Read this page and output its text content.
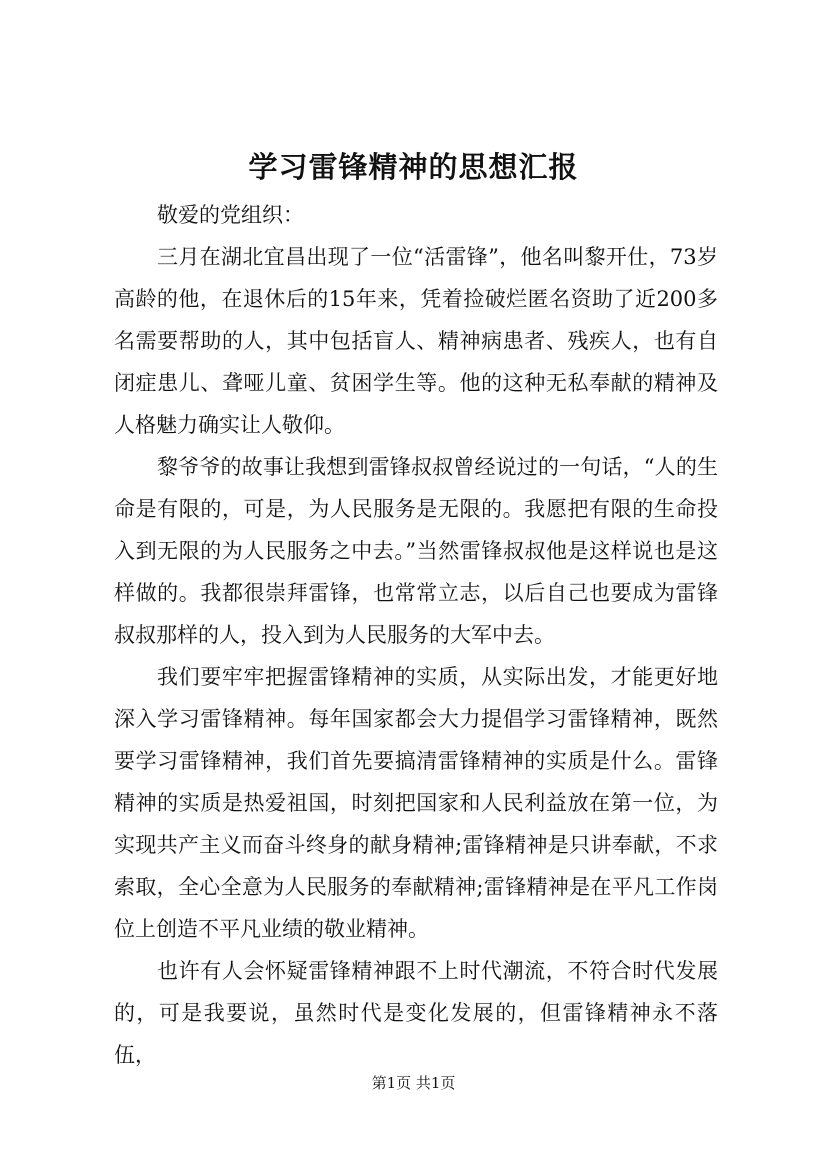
学习雷锋精神的思想汇报

敬爱的党组织：

三月在湖北宜昌出现了一位“活雷锋”，他名叫黎开仕，73岁高龄的他，在退休后的15年来，凭着捡破烂匿名资助了近200多名需要帮助的人，其中包括盲人、精神病患者、残疾人，也有自闭症患儿、聋哑儿童、贫困学生等。他的这种无私奉献的精神及人格魅力确实让人敬仰。

黎爷爷的故事让我想到雷锋叔叔曾经说过的一句话，“人的生命是有限的，可是，为人民服务是无限的。我愿把有限的生命投入到无限的为人民服务之中去。”当然雷锋叔叔他是这样说也是这样做的。我都很崇拜雷锋，也常常立志，以后自己也要成为雷锋叔叔那样的人，投入到为人民服务的大军中去。

我们要牢牢把握雷锋精神的实质，从实际出发，才能更好地深入学习雷锋精神。每年国家都会大力提倡学习雷锋精神，既然要学习雷锋精神，我们首先要搞清雷锋精神的实质是什么。雷锋精神的实质是热爱祖国，时刻把国家和人民利益放在第一位，为实现共产主义而奋斗终身的献身精神;雷锋精神是只讲奉献，不求索取，全心全意为人民服务的奉献精神;雷锋精神是在平凡工作岗位上创造不平凡业绩的敬业精神。

也许有人会怀疑雷锋精神跟不上时代潮流，不符合时代发展的，可是我要说，虽然时代是变化发展的，但雷锋精神永不落伍，

第1页 共1页
